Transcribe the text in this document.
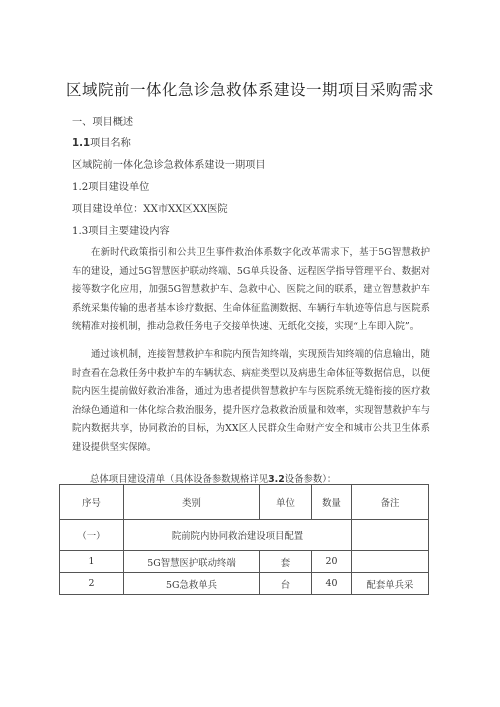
区域院前一体化急诊急救体系建设一期项目采购需求
一、项目概述
1.1项目名称
区域院前一体化急诊急救体系建设一期项目
1.2项目建设单位
项目建设单位：XX市XX区XX医院
1.3项目主要建设内容
在新时代政策指引和公共卫生事件救治体系数字化改革需求下，基于5G智慧救护车的建设，通过5G智慧医护联动终端、5G单兵设备、远程医学指导管理平台、数据对接等数字化应用，加强5G智慧救护车、急救中心、医院之间的联系，建立智慧救护车系统采集传输的患者基本诊疗数据、生命体征监测数据、车辆行车轨迹等信息与医院系统精准对接机制，推动急救任务电子交接单快速、无纸化交接，实现“上车即入院”。
通过该机制，连接智慧救护车和院内预告知终端，实现预告知终端的信息输出，随时查看在急救任务中救护车的车辆状态、病症类型以及病患生命体征等数据信息，以便院内医生提前做好救治准备，通过为患者提供智慧救护车与医院系统无缝衔接的医疗救治绿色通道和一体化综合救治服务，提升医疗急救救治质量和效率，实现智慧救护车与院内数据共享，协同救治的目标，为XX区人民群众生命财产安全和城市公共卫生体系建设提供坚实保障。
总体项目建设清单（具体设备参数规格详见3.2设备参数）：
序号	类别	单位	数量	备注
（一）	院前院内协同救治建设项目配置			
1	5G智慧医护联动终端	套	20	
2	5G急救单兵	台	40	配套单兵采
